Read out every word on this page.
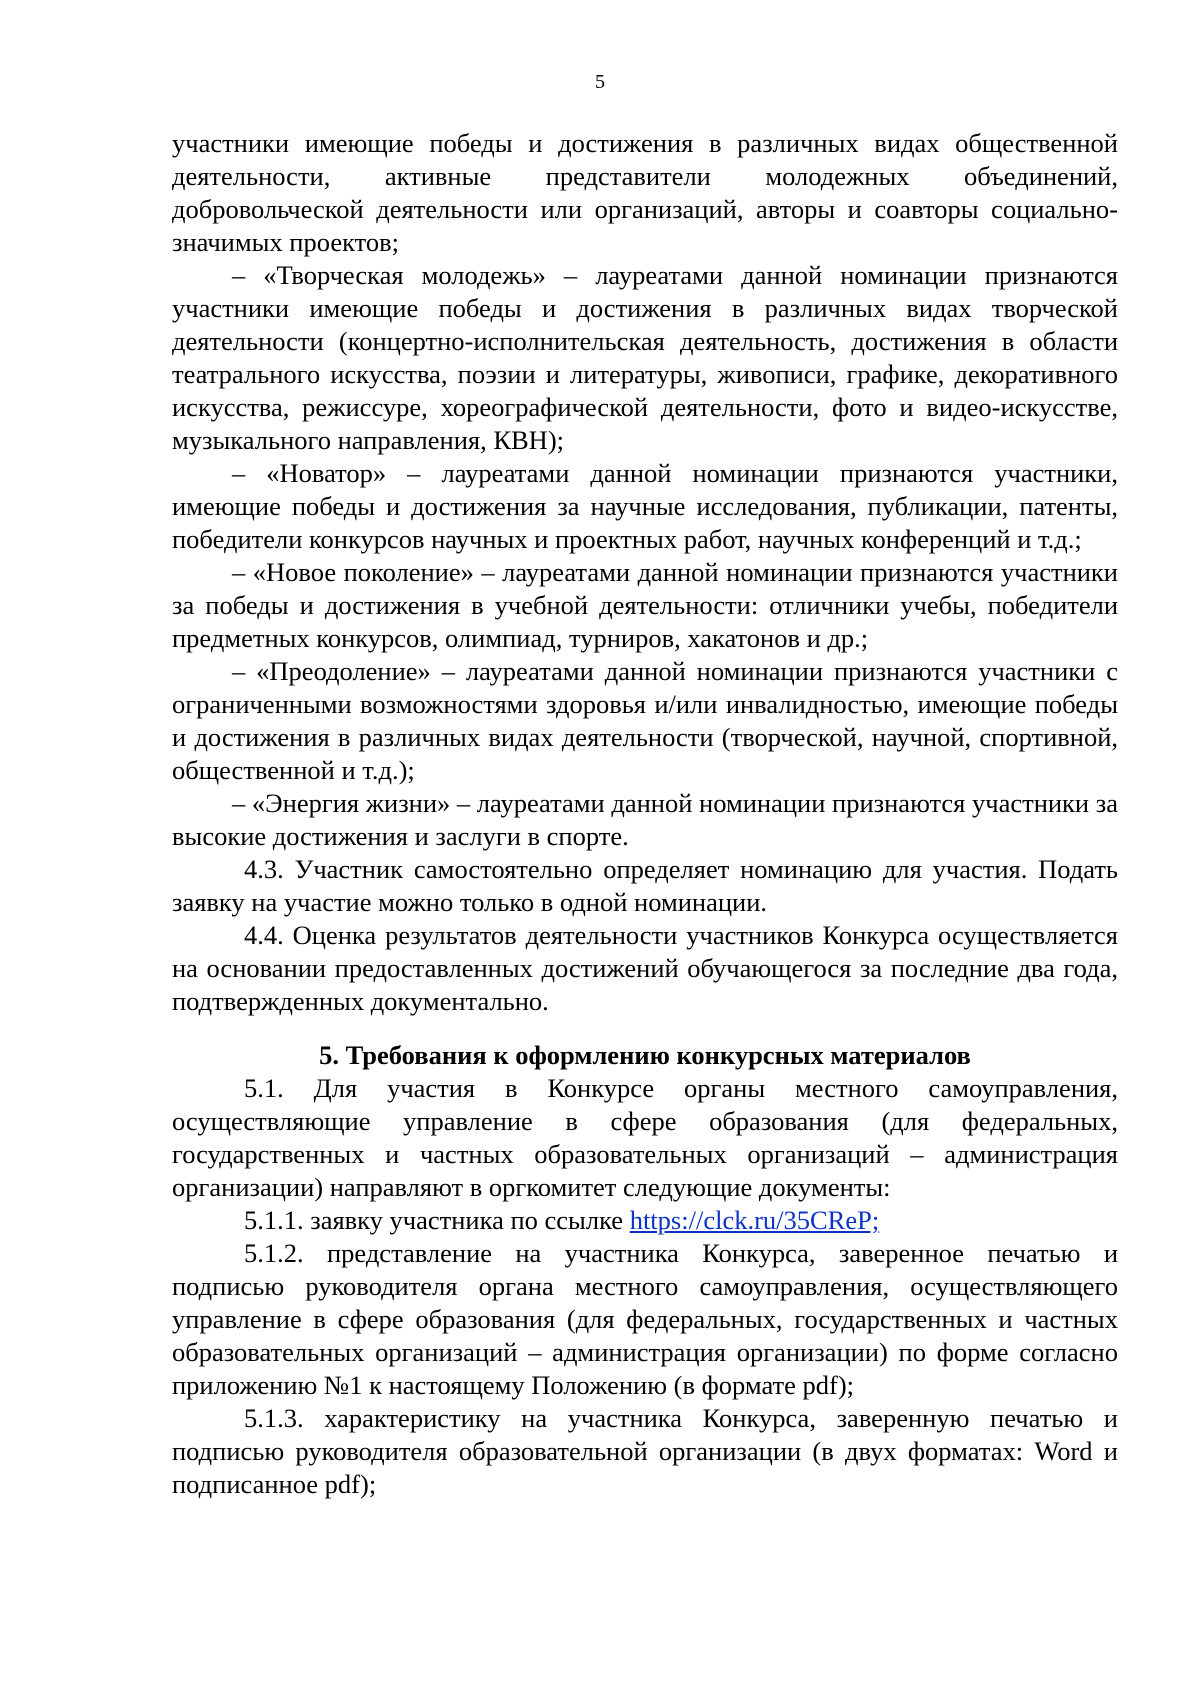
5

участники имеющие победы и достижения в различных видах общественной деятельности, активные представители молодежных объединений, добровольческой деятельности или организаций, авторы и соавторы социально-значимых проектов;

– «Творческая молодежь» – лауреатами данной номинации признаются участники имеющие победы и достижения в различных видах творческой деятельности (концертно-исполнительская деятельность, достижения в области театрального искусства, поэзии и литературы, живописи, графике, декоративного искусства, режиссуре, хореографической деятельности, фото и видео-искусстве, музыкального направления, КВН);

– «Новатор» – лауреатами данной номинации признаются участники, имеющие победы и достижения за научные исследования, публикации, патенты, победители конкурсов научных и проектных работ, научных конференций и т.д.;

– «Новое поколение» – лауреатами данной номинации признаются участники за победы и достижения в учебной деятельности: отличники учебы, победители предметных конкурсов, олимпиад, турниров, хакатонов и др.;

– «Преодоление» – лауреатами данной номинации признаются участники с ограниченными возможностями здоровья и/или инвалидностью, имеющие победы и достижения в различных видах деятельности (творческой, научной, спортивной, общественной и т.д.);

– «Энергия жизни» – лауреатами данной номинации признаются участники за высокие достижения и заслуги в спорте.

4.3. Участник самостоятельно определяет номинацию для участия. Подать заявку на участие можно только в одной номинации.

4.4. Оценка результатов деятельности участников Конкурса осуществляется на основании предоставленных достижений обучающегося за последние два года, подтвержденных документально.

5. Требования к оформлению конкурсных материалов

5.1. Для участия в Конкурсе органы местного самоуправления, осуществляющие управление в сфере образования (для федеральных, государственных и частных образовательных организаций – администрация организации) направляют в оргкомитет следующие документы:

5.1.1. заявку участника по ссылке https://clck.ru/35CReP;

5.1.2. представление на участника Конкурса, заверенное печатью и подписью руководителя органа местного самоуправления, осуществляющего управление в сфере образования (для федеральных, государственных и частных образовательных организаций – администрация организации) по форме согласно приложению №1 к настоящему Положению (в формате pdf);

5.1.3. характеристику на участника Конкурса, заверенную печатью и подписью руководителя образовательной организации (в двух форматах: Word и подписанное pdf);
